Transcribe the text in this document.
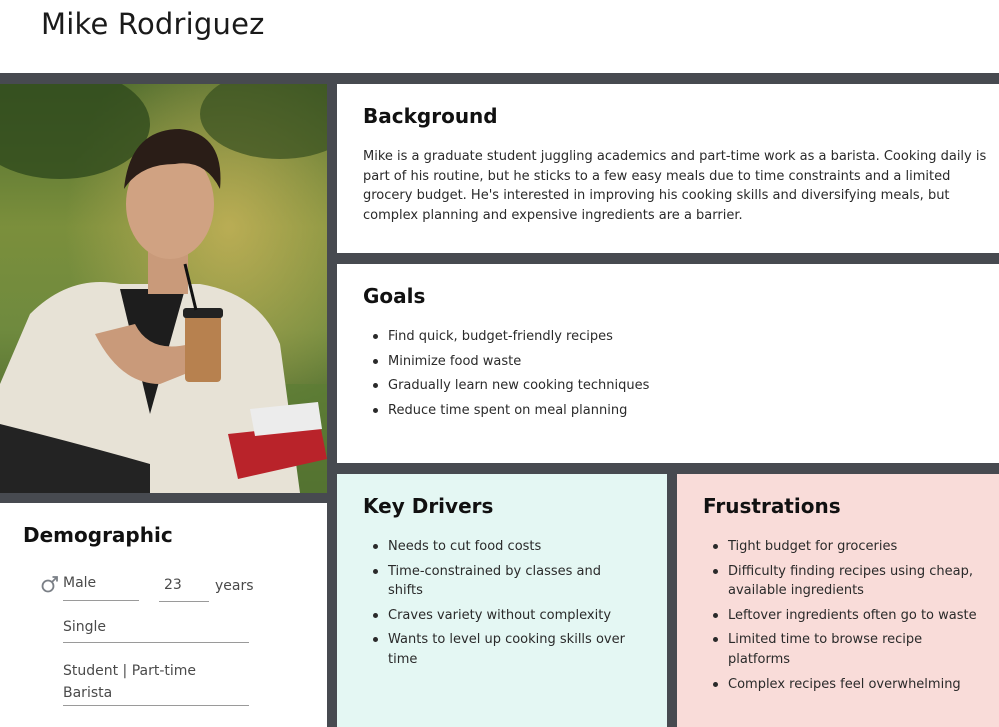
Mike Rodriguez
Background

Mike is a graduate student juggling academics and part-time work as a barista. Cooking daily is part of his routine, but he sticks to a few easy meals due to time constraints and a limited grocery budget. He's interested in improving his cooking skills and diversifying meals, but complex planning and expensive ingredients are a barrier.

Goals
Find quick, budget-friendly recipes
Minimize food waste
Gradually learn new cooking techniques
Reduce time spent on meal planning
Demographic
Male	23	years
Single
Student | Part-time Barista
Key Drivers
Needs to cut food costs
Time-constrained by classes and shifts
Craves variety without complexity
Wants to level up cooking skills over time
Frustrations
Tight budget for groceries
Difficulty finding recipes using cheap, available ingredients
Leftover ingredients often go to waste
Limited time to browse recipe platforms
Complex recipes feel overwhelming
